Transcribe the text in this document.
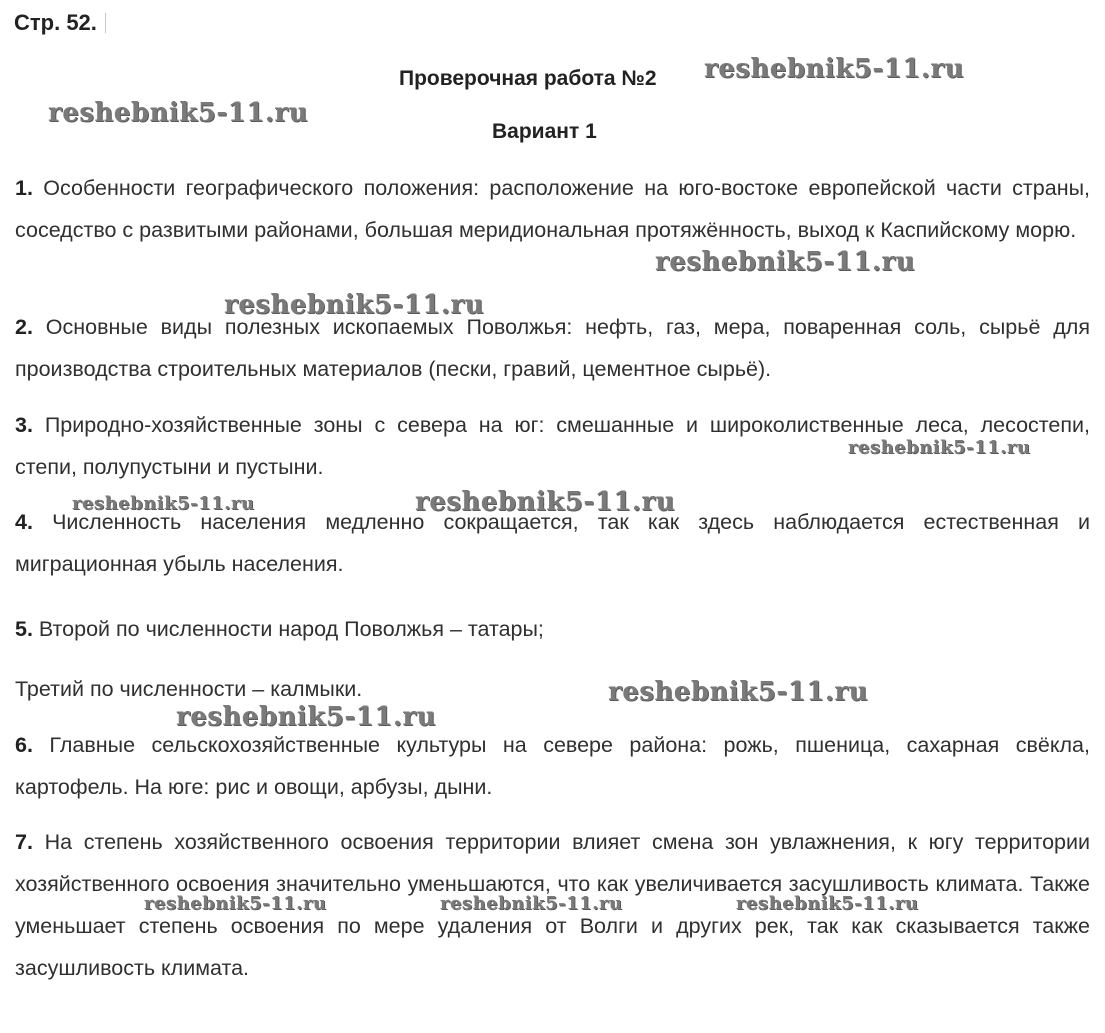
Стр. 52.
Проверочная работа №2
Вариант 1
1. Особенности географического положения: расположение на юго-востоке европейской части страны, соседство с развитыми районами, большая меридиональная протяжённость, выход к Каспийскому морю.
2. Основные виды полезных ископаемых Поволжья: нефть, газ, мера, поваренная соль, сырьё для производства строительных материалов (пески, гравий, цементное сырьё).
3. Природно-хозяйственные зоны с севера на юг: смешанные и широколиственные леса, лесостепи, степи, полупустыни и пустыни.
4. Численность населения медленно сокращается, так как здесь наблюдается естественная и миграционная убыль населения.
5. Второй по численности народ Поволжья – татары;
Третий по численности – калмыки.
6. Главные сельскохозяйственные культуры на севере района: рожь, пшеница, сахарная свёкла, картофель. На юге: рис и овощи, арбузы, дыни.
7. На степень хозяйственного освоения территории влияет смена зон увлажнения, к югу территории хозяйственного освоения значительно уменьшаются, что как увеличивается засушливость климата. Также уменьшает степень освоения по мере удаления от Волги и других рек, так как сказывается также засушливость климата.
reshebnik5-11.ru
reshebnik5-11.ru
reshebnik5-11.ru
reshebnik5-11.ru
reshebnik5-11.ru
reshebnik5-11.ru	reshebnik5-11.ru
reshebnik5-11.ru
reshebnik5-11.ru
reshebnik5-11.ru	reshebnik5-11.ru	reshebnik5-11.ru
